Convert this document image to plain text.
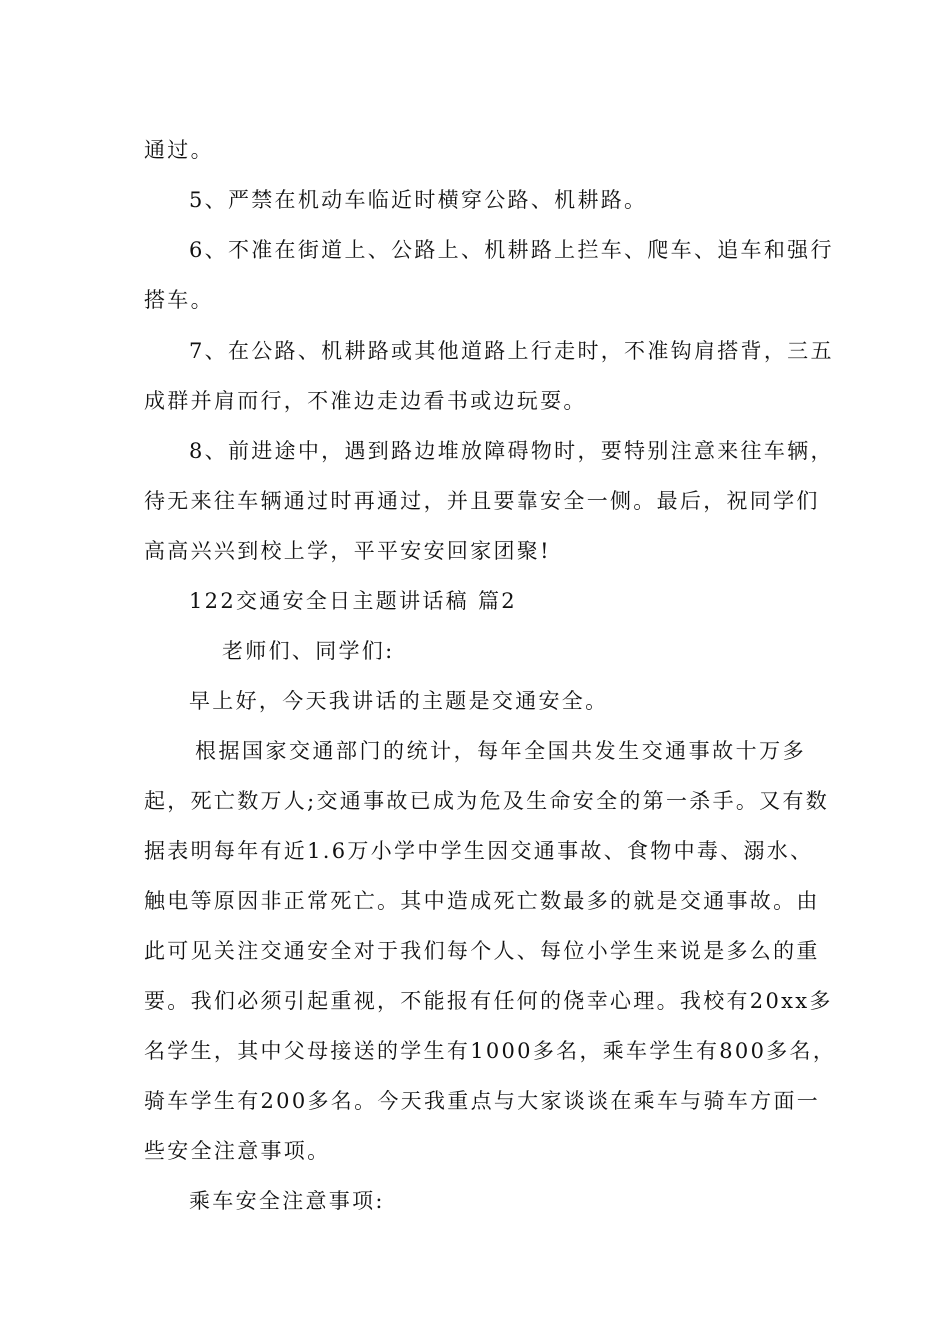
通过。
5、严禁在机动车临近时横穿公路、机耕路。
6、不准在街道上、公路上、机耕路上拦车、爬车、追车和强行
搭车。
7、在公路、机耕路或其他道路上行走时，不准钩肩搭背，三五
成群并肩而行，不准边走边看书或边玩耍。
8、前进途中，遇到路边堆放障碍物时，要特别注意来往车辆，
待无来往车辆通过时再通过，并且要靠安全一侧。最后，祝同学们
高高兴兴到校上学，平平安安回家团聚!
122交通安全日主题讲话稿 篇2
老师们、同学们:
早上好，今天我讲话的主题是交通安全。
根据国家交通部门的统计，每年全国共发生交通事故十万多
起，死亡数万人;交通事故已成为危及生命安全的第一杀手。又有数
据表明每年有近1.6万小学中学生因交通事故、食物中毒、溺水、
触电等原因非正常死亡。其中造成死亡数最多的就是交通事故。由
此可见关注交通安全对于我们每个人、每位小学生来说是多么的重
要。我们必须引起重视，不能报有任何的侥幸心理。我校有20xx多
名学生，其中父母接送的学生有1000多名，乘车学生有800多名，
骑车学生有200多名。今天我重点与大家谈谈在乘车与骑车方面一
些安全注意事项。
乘车安全注意事项:
